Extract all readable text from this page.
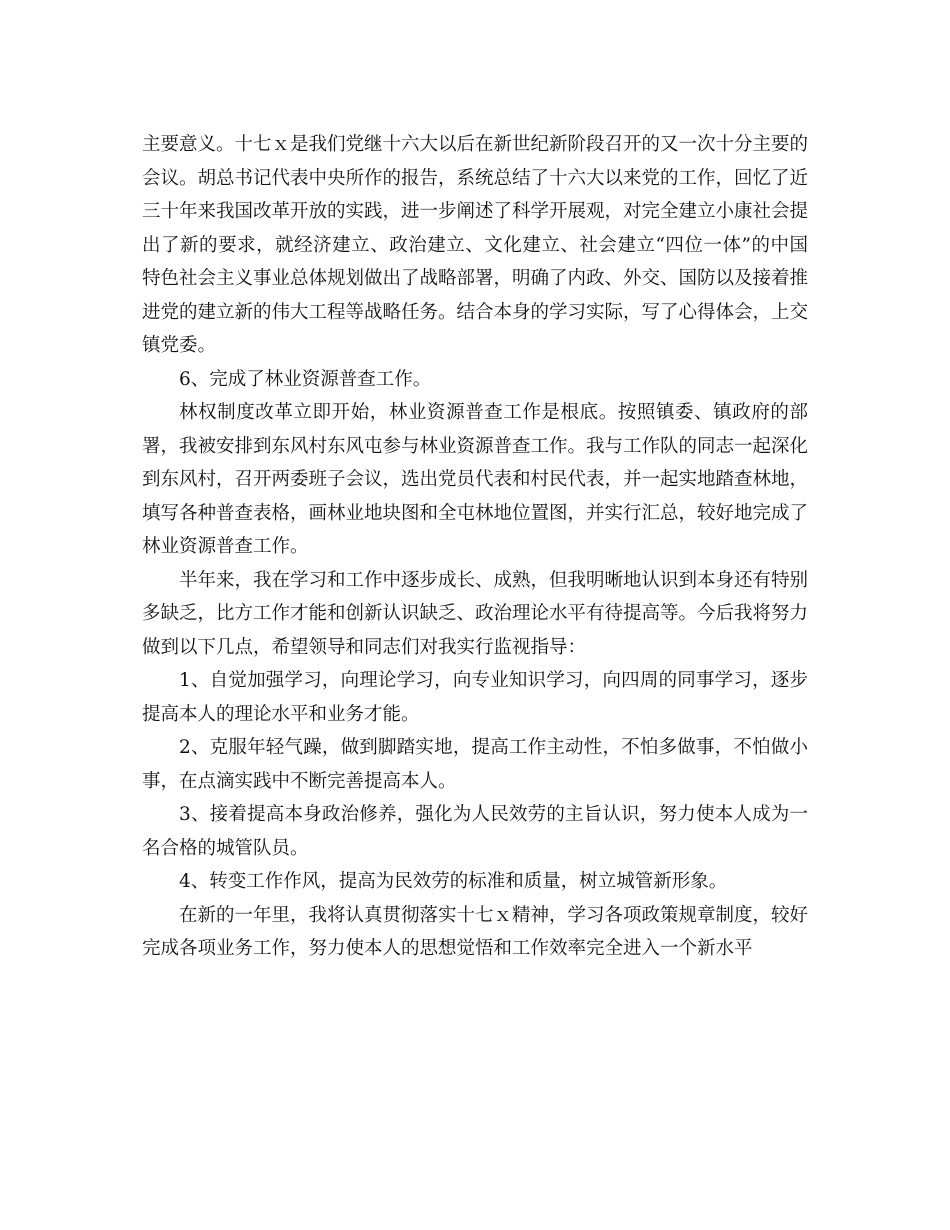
主要意义。十七ｘ是我们党继十六大以后在新世纪新阶段召开的又一次十分主要的会议。胡总书记代表中央所作的报告，系统总结了十六大以来党的工作，回忆了近三十年来我国改革开放的实践，进一步阐述了科学开展观，对完全建立小康社会提出了新的要求，就经济建立、政治建立、文化建立、社会建立“四位一体”的中国特色社会主义事业总体规划做出了战略部署，明确了内政、外交、国防以及接着推进党的建立新的伟大工程等战略任务。结合本身的学习实际，写了心得体会，上交镇党委。

6、完成了林业资源普查工作。

林权制度改革立即开始，林业资源普查工作是根底。按照镇委、镇政府的部署，我被安排到东风村东风屯参与林业资源普查工作。我与工作队的同志一起深化到东风村，召开两委班子会议，选出党员代表和村民代表，并一起实地踏查林地，填写各种普查表格，画林业地块图和全屯林地位置图，并实行汇总，较好地完成了林业资源普查工作。

半年来，我在学习和工作中逐步成长、成熟，但我明晰地认识到本身还有特别多缺乏，比方工作才能和创新认识缺乏、政治理论水平有待提高等。今后我将努力做到以下几点，希望领导和同志们对我实行监视指导：

1、自觉加强学习，向理论学习，向专业知识学习，向四周的同事学习，逐步提高本人的理论水平和业务才能。

2、克服年轻气躁，做到脚踏实地，提高工作主动性，不怕多做事，不怕做小事，在点滴实践中不断完善提高本人。

3、接着提高本身政治修养，强化为人民效劳的主旨认识，努力使本人成为一名合格的城管队员。

4、转变工作作风，提高为民效劳的标准和质量，树立城管新形象。

在新的一年里，我将认真贯彻落实十七ｘ精神，学习各项政策规章制度，较好完成各项业务工作，努力使本人的思想觉悟和工作效率完全进入一个新水平
